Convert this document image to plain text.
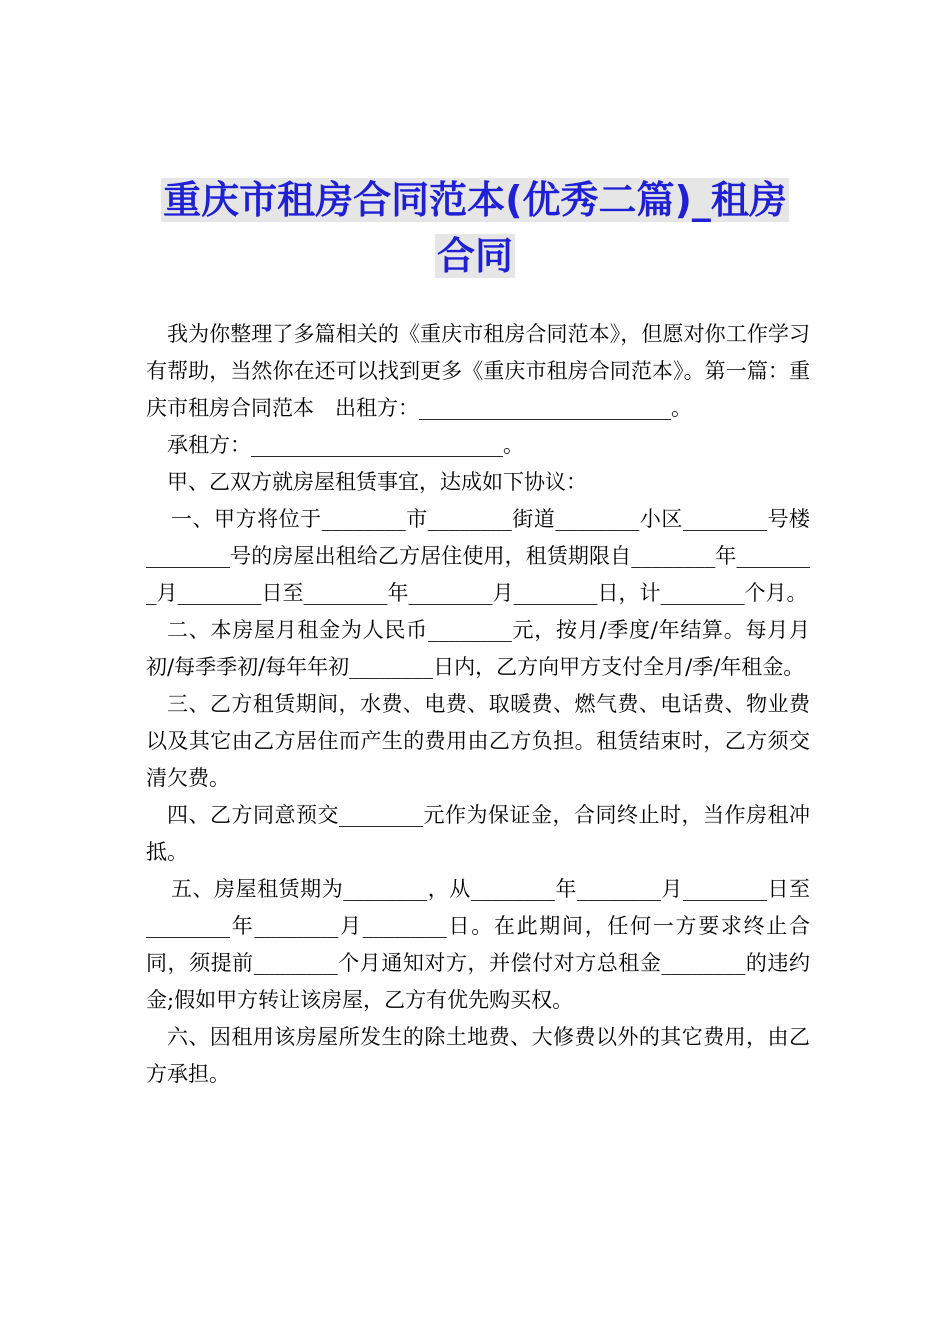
重庆市租房合同范本(优秀二篇)_租房
合同

我为你整理了多篇相关的《重庆市租房合同范本》，但愿对你工作学习有帮助，当然你在还可以找到更多《重庆市租房合同范本》。第一篇：重庆市租房合同范本　出租方：________________________。

承租方：________________________。

甲、乙双方就房屋租赁事宜，达成如下协议：

一、甲方将位于________市________街道________小区________号楼________号的房屋出租给乙方居住使用，租赁期限自________年________月________日至________年________月________日，计________个月。

二、本房屋月租金为人民币________元，按月/季度/年结算。每月月初/每季季初/每年年初________日内，乙方向甲方支付全月/季/年租金。

三、乙方租赁期间，水费、电费、取暖费、燃气费、电话费、物业费以及其它由乙方居住而产生的费用由乙方负担。租赁结束时，乙方须交清欠费。

四、乙方同意预交________元作为保证金，合同终止时，当作房租冲抵。

五、房屋租赁期为________，从________年________月________日至________年________月________日。在此期间，任何一方要求终止合同，须提前________个月通知对方，并偿付对方总租金________的违约金;假如甲方转让该房屋，乙方有优先购买权。

六、因租用该房屋所发生的除土地费、大修费以外的其它费用，由乙方承担。
